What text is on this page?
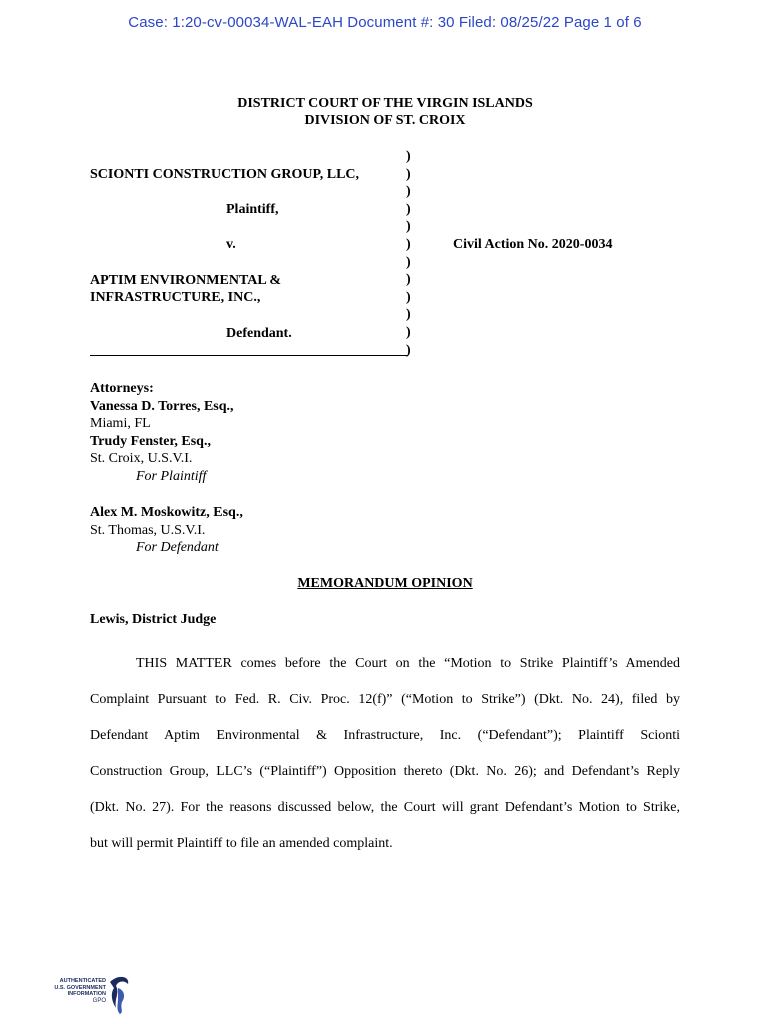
Case: 1:20-cv-00034-WAL-EAH Document #: 30 Filed: 08/25/22 Page 1 of 6
DISTRICT COURT OF THE VIRGIN ISLANDS
DIVISION OF ST. CROIX
SCIONTI CONSTRUCTION GROUP, LLC,
Plaintiff,
v.
APTIM ENVIRONMENTAL &
INFRASTRUCTURE, INC.,
Defendant.
Civil Action No. 2020-0034
)
)
)
)
)
)
)
)
)
)
)
)
Attorneys:
Vanessa D. Torres, Esq.,
Miami, FL
Trudy Fenster, Esq.,
St. Croix, U.S.V.I.
For Plaintiff
Alex M. Moskowitz, Esq.,
St. Thomas, U.S.V.I.
For Defendant
MEMORANDUM OPINION
Lewis, District Judge
THIS MATTER comes before the Court on the “Motion to Strike Plaintiff’s Amended
Complaint Pursuant to Fed. R. Civ. Proc. 12(f)” (“Motion to Strike”) (Dkt. No. 24), filed by
Defendant Aptim Environmental & Infrastructure, Inc. (“Defendant”); Plaintiff Scionti
Construction Group, LLC’s (“Plaintiff”) Opposition thereto (Dkt. No. 26); and Defendant’s Reply
(Dkt. No. 27). For the reasons discussed below, the Court will grant Defendant’s Motion to Strike,
but will permit Plaintiff to file an amended complaint.
AUTHENTICATED
U.S. GOVERNMENT
INFORMATION
GPO
